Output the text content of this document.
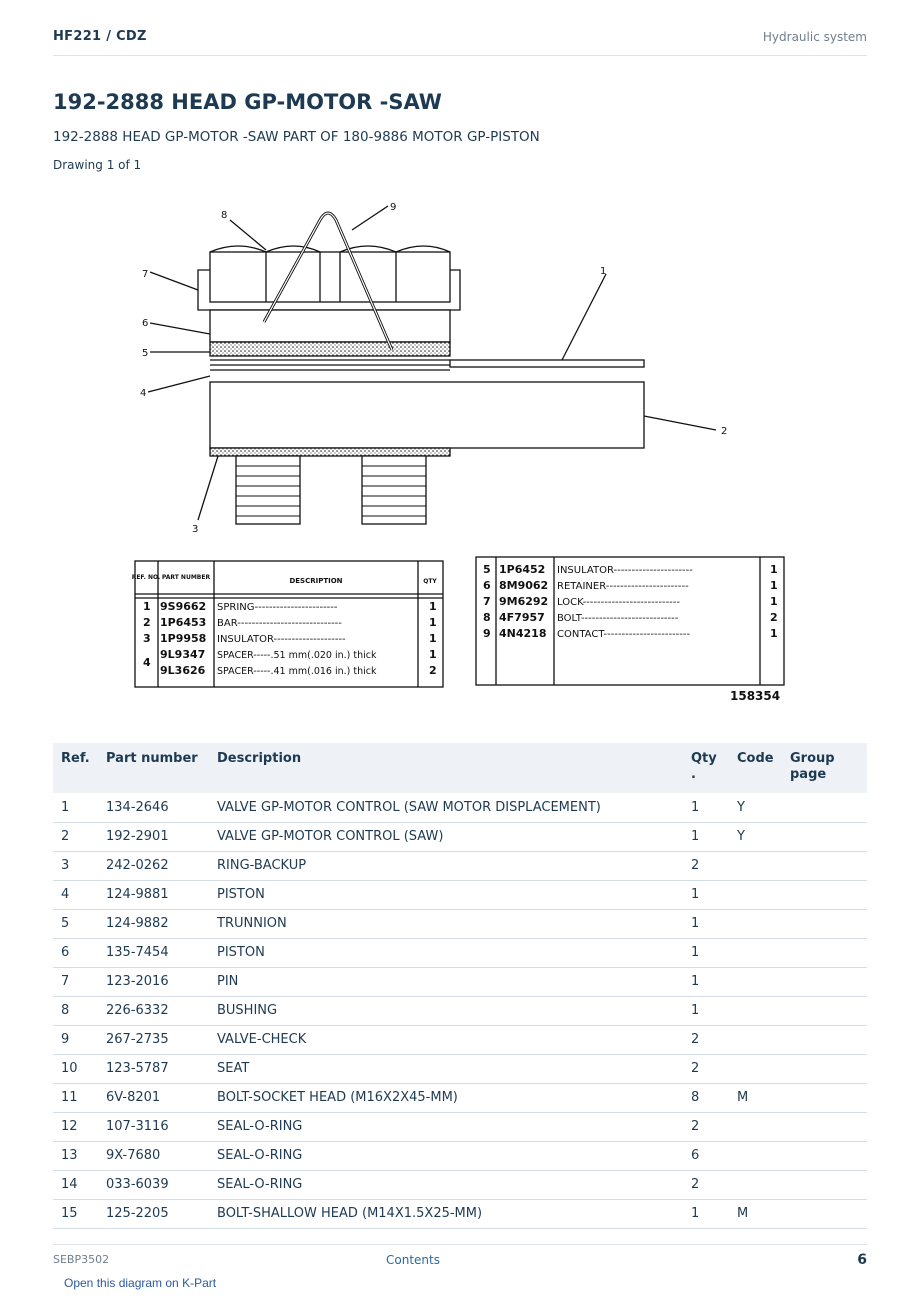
HF221 / CDZ	Hydraulic system
192-2888 HEAD GP-MOTOR -SAW
192-2888 HEAD GP-MOTOR -SAW PART OF 180-9886 MOTOR GP-PISTON
Drawing 1 of 1
7
6
5
4
8
9
1
2
3
REF. NO. PART NUMBER	DESCRIPTION	QTY
1 9S9662 SPRING-----------------------	1
2 1P6453 BAR-----------------------------	1
3 1P9958 INSULATOR--------------------	1
4
9L9347 SPACER-----.51 mm(.020 in.) thick	1
9L3626 SPACER-----.41 mm(.016 in.) thick	2
5 1P6452 INSULATOR----------------------	1
6 8M9062 RETAINER-----------------------	1
7 9M6292 LOCK---------------------------	1
8 4F7957 BOLT---------------------------	2
9 4N4218 CONTACT------------------------	1
158354
Ref.	Part number	Description	Qty
.	Code	Group
page
1	134-2646	VALVE GP-MOTOR CONTROL (SAW MOTOR DISPLACEMENT)	1	Y	
2	192-2901	VALVE GP-MOTOR CONTROL (SAW)	1	Y	
3	242-0262	RING-BACKUP	2		
4	124-9881	PISTON	1		
5	124-9882	TRUNNION	1		
6	135-7454	PISTON	1		
7	123-2016	PIN	1		
8	226-6332	BUSHING	1		
9	267-2735	VALVE-CHECK	2		
10	123-5787	SEAT	2		
11	6V-8201	BOLT-SOCKET HEAD (M16X2X45-MM)	8	M	
12	107-3116	SEAL-O-RING	2		
13	9X-7680	SEAL-O-RING	6		
14	033-6039	SEAL-O-RING	2		
15	125-2205	BOLT-SHALLOW HEAD (M14X1.5X25-MM)	1	M	
SEBP3502	Contents	6
Open this diagram on K-Part
